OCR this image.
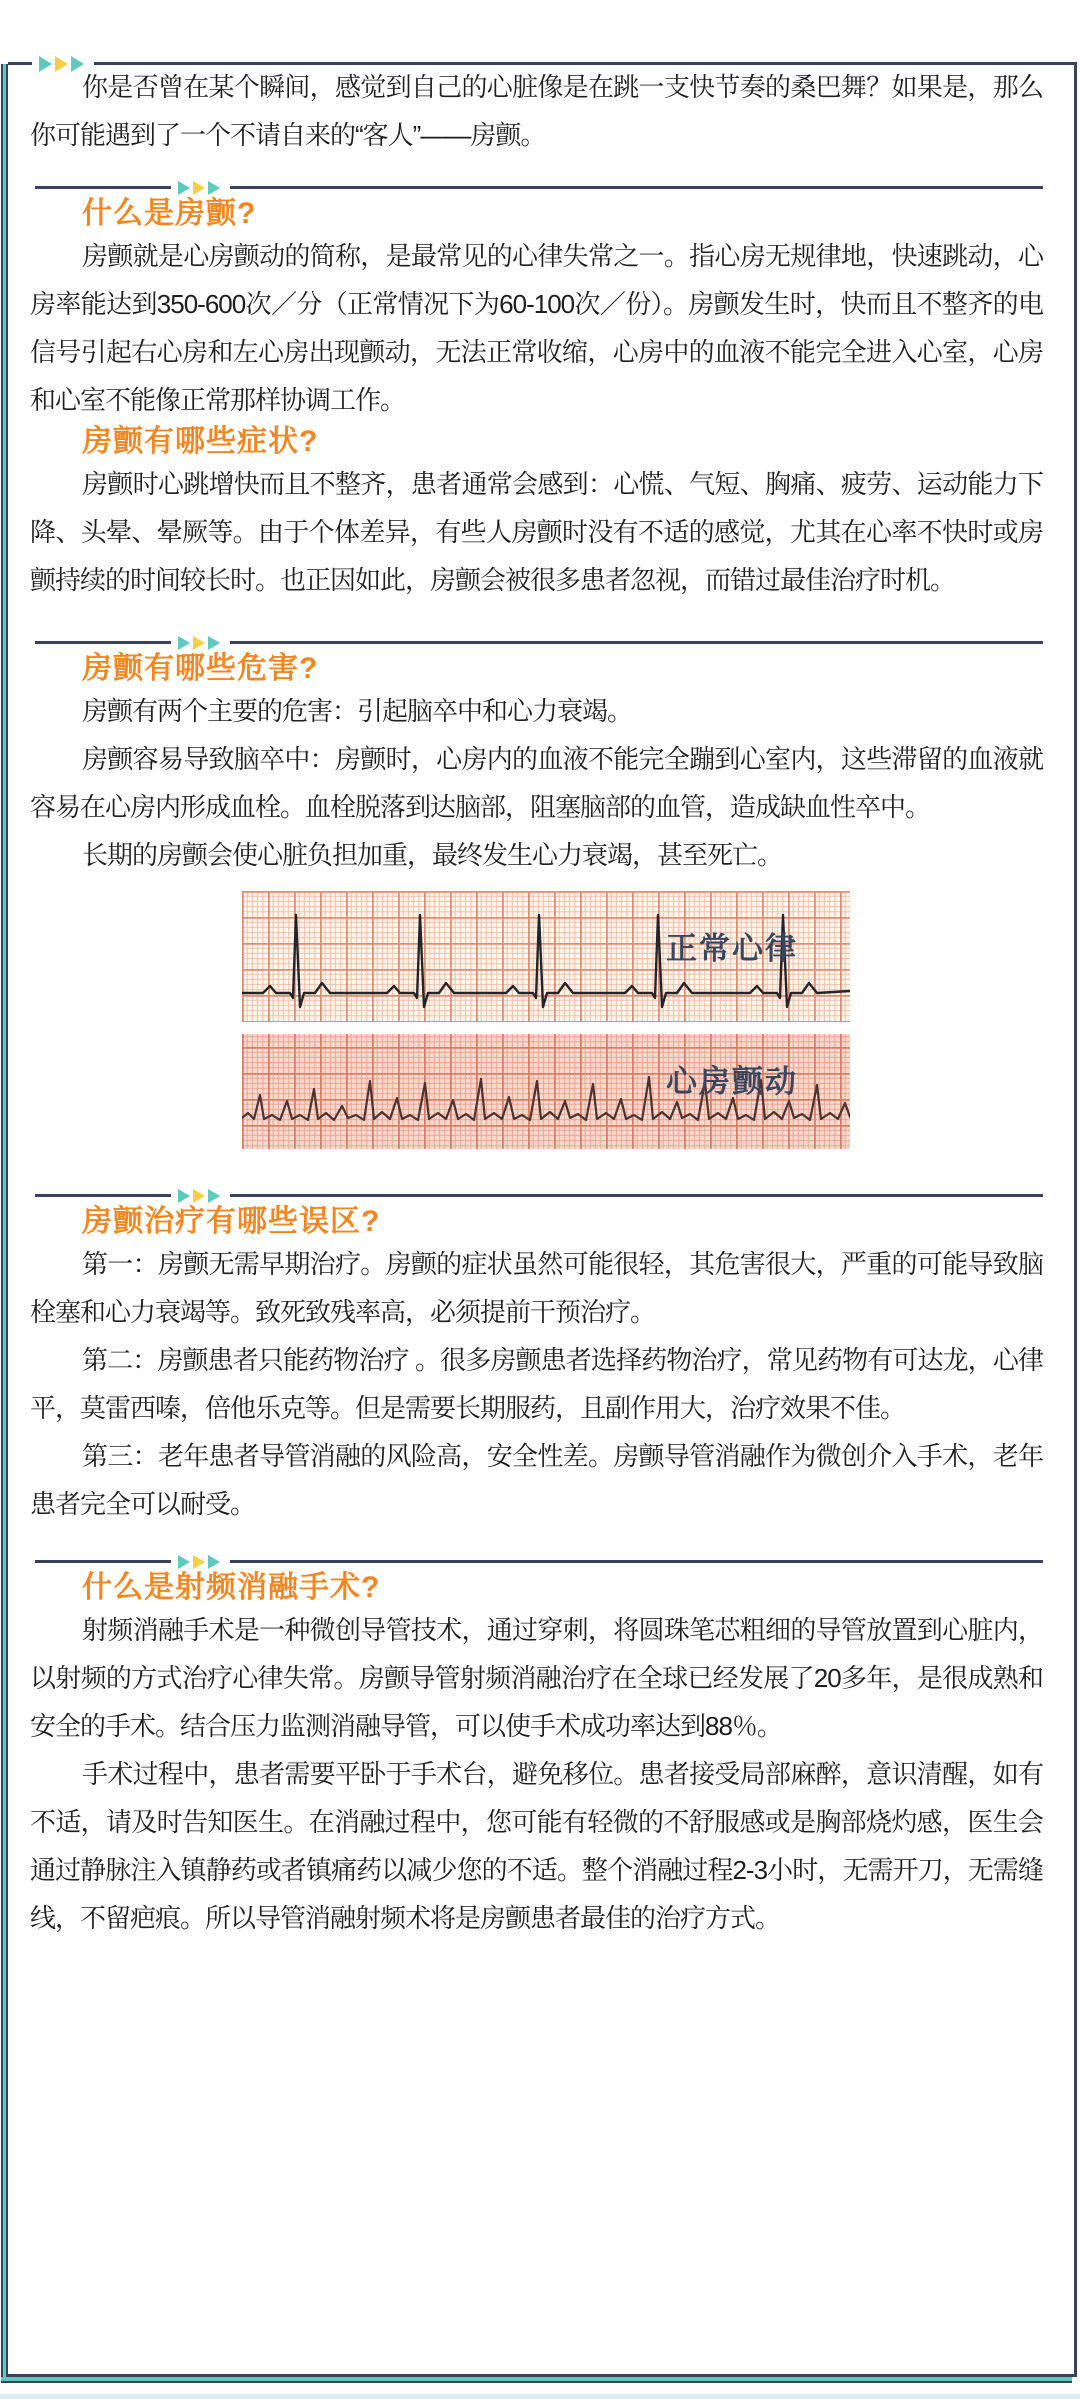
你是否曾在某个瞬间，感觉到自己的心脏像是在跳一支快节奏的桑巴舞？如果是，那么你可能遇到了一个不请自来的“客人”——房颤。

什么是房颤?

房颤就是心房颤动的简称，是最常见的心律失常之一。指心房无规律地，快速跳动，心房率能达到350-600次／分（正常情况下为60-100次／份）。房颤发生时，快而且不整齐的电信号引起右心房和左心房出现颤动，无法正常收缩，心房中的血液不能完全进入心室，心房和心室不能像正常那样协调工作。

房颤有哪些症状?

房颤时心跳增快而且不整齐，患者通常会感到：心慌、气短、胸痛、疲劳、运动能力下降、头晕、晕厥等。由于个体差异，有些人房颤时没有不适的感觉，尤其在心率不快时或房颤持续的时间较长时。也正因如此，房颤会被很多患者忽视，而错过最佳治疗时机。

房颤有哪些危害?

房颤有两个主要的危害：引起脑卒中和心力衰竭。

房颤容易导致脑卒中：房颤时，心房内的血液不能完全蹦到心室内，这些滞留的血液就容易在心房内形成血栓。血栓脱落到达脑部，阻塞脑部的血管，造成缺血性卒中。

长期的房颤会使心脏负担加重，最终发生心力衰竭，甚至死亡。

正常心律
心房颤动
房颤治疗有哪些误区?

第一：房颤无需早期治疗。房颤的症状虽然可能很轻，其危害很大，严重的可能导致脑栓塞和心力衰竭等。致死致残率高，必须提前干预治疗。

第二：房颤患者只能药物治疗 。很多房颤患者选择药物治疗，常见药物有可达龙，心律平，莫雷西嗪，倍他乐克等。但是需要长期服药，且副作用大，治疗效果不佳。

第三：老年患者导管消融的风险高，安全性差。房颤导管消融作为微创介入手术，老年患者完全可以耐受。

什么是射频消融手术?

射频消融手术是一种微创导管技术，通过穿刺，将圆珠笔芯粗细的导管放置到心脏内，以射频的方式治疗心律失常。房颤导管射频消融治疗在全球已经发展了20多年，是很成熟和安全的手术。结合压力监测消融导管，可以使手术成功率达到88％。

手术过程中，患者需要平卧于手术台，避免移位。患者接受局部麻醉，意识清醒，如有不适，请及时告知医生。在消融过程中，您可能有轻微的不舒服感或是胸部烧灼感，医生会通过静脉注入镇静药或者镇痛药以减少您的不适。整个消融过程2-3小时，无需开刀，无需缝线，不留疤痕。所以导管消融射频术将是房颤患者最佳的治疗方式。
